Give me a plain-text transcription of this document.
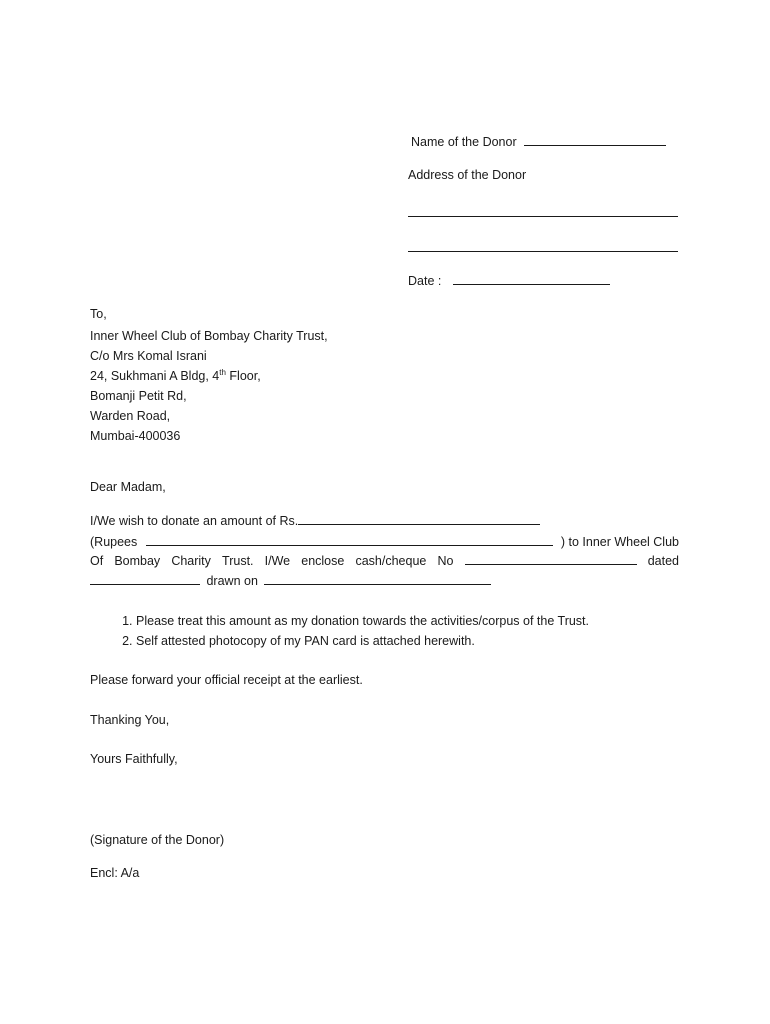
Name of the Donor
Address of the Donor
Date :
To,
Inner Wheel Club of Bombay Charity Trust,
C/o Mrs Komal Israni
24, Sukhmani A Bldg, 4th Floor,
Bomanji Petit Rd,
Warden Road,
Mumbai-400036
Dear Madam,
I/We wish to donate an amount of Rs.
(Rupees	) to Inner Wheel Club
Of Bombay Charity Trust. I/We enclose cash/cheque No	dated
drawn on
1. Please treat this amount as my donation towards the activities/corpus of the Trust.
2. Self attested photocopy of my PAN card is attached herewith.
Please forward your official receipt at the earliest.
Thanking You,
Yours Faithfully,
(Signature of the Donor)
Encl: A/a
